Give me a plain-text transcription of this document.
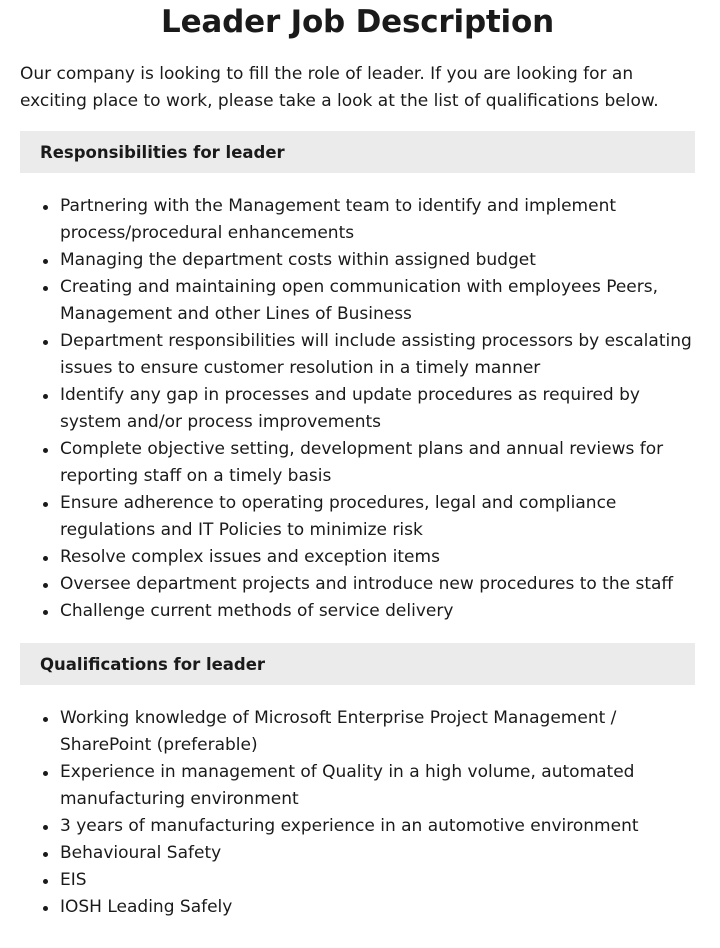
Leader Job Description

Our company is looking to fill the role of leader. If you are looking for an exciting place to work, please take a look at the list of qualifications below.

Responsibilities for leader
Partnering with the Management team to identify and implement process/procedural enhancements
Managing the department costs within assigned budget
Creating and maintaining open communication with employees Peers, Management and other Lines of Business
Department responsibilities will include assisting processors by escalating issues to ensure customer resolution in a timely manner
Identify any gap in processes and update procedures as required by system and/or process improvements
Complete objective setting, development plans and annual reviews for reporting staff on a timely basis
Ensure adherence to operating procedures, legal and compliance regulations and IT Policies to minimize risk
Resolve complex issues and exception items
Oversee department projects and introduce new procedures to the staff
Challenge current methods of service delivery
Qualifications for leader
Working knowledge of Microsoft Enterprise Project Management / SharePoint (preferable)
Experience in management of Quality in a high volume, automated manufacturing environment
3 years of manufacturing experience in an automotive environment
Behavioural Safety
EIS
IOSH Leading Safely
